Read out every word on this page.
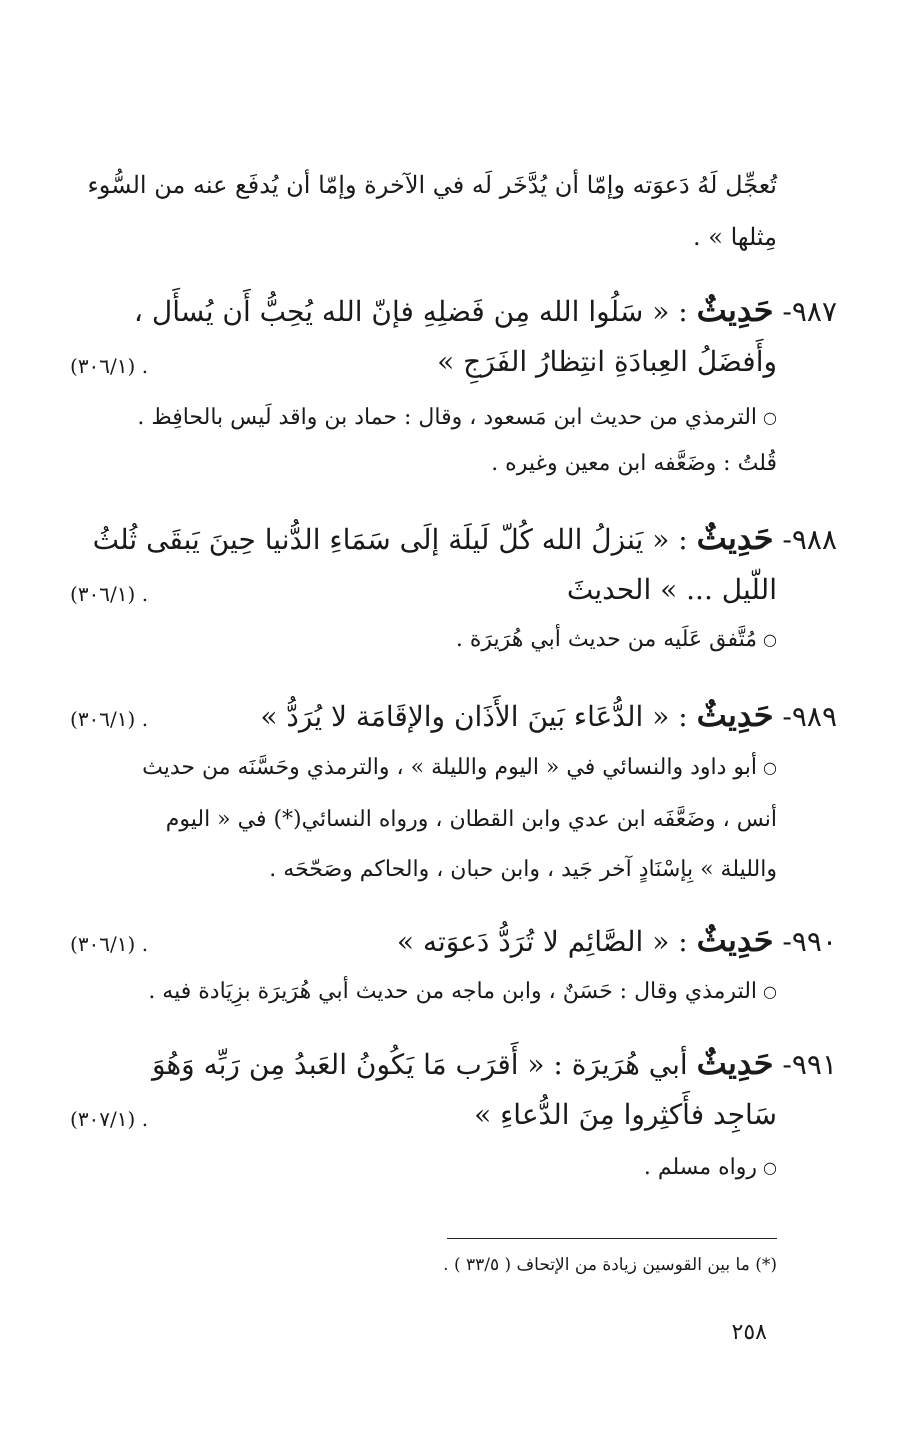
تُعجِّل لَهُ دَعوَته وإمّا أن يُدَّخَر لَه في الآخرة وإمّا أن يُدفَع عنه من السُّوء
مِثلها » .
٩٨٧- حَدِيثٌ : « سَلُوا الله مِن فَضلِهِ فإنّ الله يُحِبُّ أَن يُسأَل ،
وأَفضَلُ العِبادَةِ انتِظارُ الفَرَجِ »
(٣٠٦/١) .
○الترمذي من حديث ابن مَسعود ، وقال : حماد بن واقد لَيس بالحافِظ .
قُلتُ : وضَعَّفه ابن معين وغيره .
٩٨٨- حَدِيثٌ : « يَنزلُ الله كُلّ لَيلَة إلَى سَمَاءِ الدُّنيا حِينَ يَبقَى ثُلثُ
اللّيل ... » الحديثَ
(٣٠٦/١) .
○مُتَّفق عَلَيه من حديث أبي هُرَيرَة .
٩٨٩- حَدِيثٌ : « الدُّعَاء بَينَ الأَذَان والإقَامَة لا يُرَدُّ »
(٣٠٦/١) .
○أبو داود والنسائي في « اليوم والليلة » ، والترمذي وحَسَّنَه من حديث
أنس ، وضَعَّفَه ابن عدي وابن القطان ، ورواه النسائي(*) في « اليوم
والليلة » بِإسْنَادٍ آخر جَيد ، وابن حبان ، والحاكم وصَحّحَه .
٩٩٠- حَدِيثٌ : « الصَّائِم لا تُرَدُّ دَعوَته »
(٣٠٦/١) .
○الترمذي وقال : حَسَنٌ ، وابن ماجه من حديث أبي هُرَيرَة بزِيَادة فيه .
٩٩١- حَدِيثٌ أبي هُرَيرَة : « أَقرَب مَا يَكُونُ العَبدُ مِن رَبِّه وَهُوَ
سَاجِد فأَكثِروا مِنَ الدُّعاءِ »
(٣٠٧/١) .
○رواه مسلم .
(*) ما بين القوسين زيادة من الإتحاف ( ٣٣/٥ ) .
٢٥٨
